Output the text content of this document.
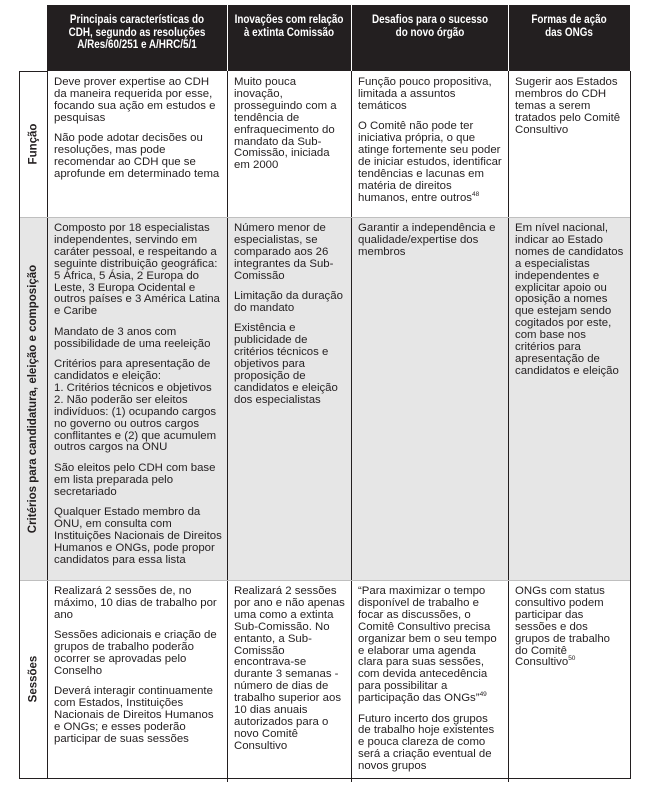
Principais características do
CDH, segundo as resoluções
A/Res/60/251 e A/HRC/5/1
Inovações com relação
à extinta Comissão
Desafios para o sucesso
do novo órgão
Formas de ação
das ONGs
Função
Critérios para candidatura, eleição e composição
Sessões

Deve prover expertise ao CDH da maneira requerida por esse, focando sua ação em estudos e pesquisas

Não pode adotar decisões ou resoluções, mas pode recomendar ao CDH que se aprofunde em determinado tema

Muito pouca inovação, prosseguindo com a tendência de enfraquecimento do mandato da Sub-Comissão, iniciada em 2000

Função pouco propositiva, limitada a assuntos temáticos

O Comitê não pode ter iniciativa própria, o que atinge fortemente seu poder de iniciar estudos, identificar tendências e lacunas em matéria de direitos humanos, entre outros$^{48}$

Sugerir aos Estados membros do CDH temas a serem tratados pelo Comitê Consultivo

Composto por 18 especialistas independentes, servindo em caráter pessoal, e respeitando a seguinte distribuição geográfica: 5 África, 5 Ásia, 2 Europa do Leste, 3 Europa Ocidental e outros países e 3 América Latina e Caribe

Mandato de 3 anos com possibilidade de uma reeleição

Critérios para apresentação de candidatos e eleição:
1. Critérios técnicos e objetivos
2. Não poderão ser eleitos indivíduos: (1) ocupando cargos no governo ou outros cargos conflitantes e (2) que acumulem outros cargos na ONU

São eleitos pelo CDH com base em lista preparada pelo secretariado

Qualquer Estado membro da ONU, em consulta com Instituições Nacionais de Direitos Humanos e ONGs, pode propor candidatos para essa lista

Número menor de especialistas, se comparado aos 26 integrantes da Sub-Comissão

Limitação da duração do mandato

Existência e publicidade de critérios técnicos e objetivos para proposição de candidatos e eleição dos especialistas

Garantir a independência e qualidade/expertise dos membros

Em nível nacional, indicar ao Estado nomes de candidatos a especialistas independentes e explicitar apoio ou oposição a nomes que estejam sendo cogitados por este, com base nos critérios para apresentação de candidatos e eleição

Realizará 2 sessões de, no máximo, 10 dias de trabalho por ano

Sessões adicionais e criação de grupos de trabalho poderão ocorrer se aprovadas pelo Conselho

Deverá interagir continuamente com Estados, Instituições Nacionais de Direitos Humanos e ONGs; e esses poderão participar de suas sessões

Realizará 2 sessões por ano e não apenas uma como a extinta Sub-Comissão. No entanto, a Sub-Comissão encontrava-se durante 3 semanas - número de dias de trabalho superior aos 10 dias anuais autorizados para o novo Comitê Consultivo

“Para maximizar o tempo disponível de trabalho e focar as discussões, o Comitê Consultivo precisa organizar bem o seu tempo e elaborar uma agenda clara para suas sessões, com devida antecedência para possibilitar a participação das ONGs”$^{49}$

Futuro incerto dos grupos de trabalho hoje existentes e pouca clareza de como será a criação eventual de novos grupos

ONGs com status consultivo podem participar das sessões e dos grupos de trabalho do Comitê Consultivo$^{50}$
